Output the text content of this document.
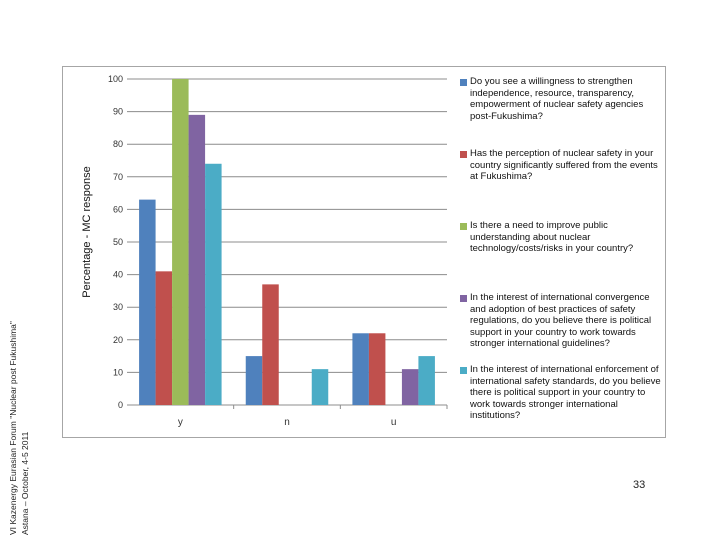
VI Kazenergy Eurasian Forum "Nuclear post Fukushima" Astana – October, 4-5 2011
0
10
20
30
40
50
60
70
80
90
100
Percentage - MC response
y	n	u
Do you see a willingness to strengthen independence, resource, transparency, empowerment of nuclear safety agencies post-Fukushima?
Has the perception of nuclear safety in your country significantly suffered from the events at Fukushima?
Is there a need to improve public understanding about nuclear technology/costs/risks in your country?
In the interest of international convergence and adoption of best practices of safety regulations, do you believe there is political support in your country to work towards stronger international guidelines?
In the interest of international enforcement of international safety standards, do you believe there is political support in your country to work towards stronger international institutions?
33
